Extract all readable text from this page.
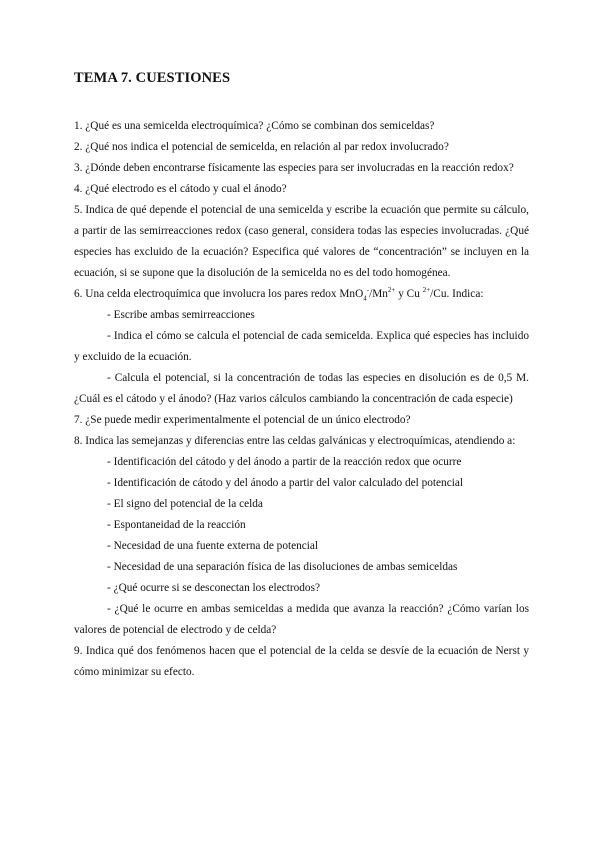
TEMA 7. CUESTIONES

1. ¿Qué es una semicelda electroquímica? ¿Cómo se combinan dos semiceldas?

2. ¿Qué nos indica el potencial de semicelda, en relación al par redox involucrado?

3. ¿Dónde deben encontrarse físicamente las especies para ser involucradas en la reacción redox?

4. ¿Qué electrodo es el cátodo y cual el ánodo?

5. Indica de qué depende el potencial de una semicelda y escribe la ecuación que permite su cálculo, a partir de las semirreacciones redox (caso general, considera todas las especies involucradas. ¿Qué especies has excluido de la ecuación? Especifica qué valores de “concentración” se incluyen en la ecuación, si se supone que la disolución de la semicelda no es del todo homogénea.

6. Una celda electroquímica que involucra los pares redox $MnO_4^-/Mn^{2+}$ y Cu $^{2+}$/Cu. Indica:

- Escribe ambas semirreacciones

- Indica el cómo se calcula el potencial de cada semicelda. Explica qué especies has incluido y excluido de la ecuación.

- Calcula el potencial, si la concentración de todas las especies en disolución es de 0,5 M. ¿Cuál es el cátodo y el ánodo? (Haz varios cálculos cambiando la concentración de cada especie)

7. ¿Se puede medir experimentalmente el potencial de un único electrodo?

8. Indica las semejanzas y diferencias entre las celdas galvánicas y electroquímicas, atendiendo a:

- Identificación del cátodo y del ánodo a partir de la reacción redox que ocurre

- Identificación de cátodo y del ánodo a partir del valor calculado del potencial

- El signo del potencial de la celda

- Espontaneidad de la reacción

- Necesidad de una fuente externa de potencial

- Necesidad de una separación física de las disoluciones de ambas semiceldas

- ¿Qué ocurre si se desconectan los electrodos?

- ¿Qué le ocurre en ambas semiceldas a medida que avanza la reacción? ¿Cómo varían los valores de potencial de electrodo y de celda?

9. Indica qué dos fenómenos hacen que el potencial de la celda se desvíe de la ecuación de Nerst y cómo minimizar su efecto.
